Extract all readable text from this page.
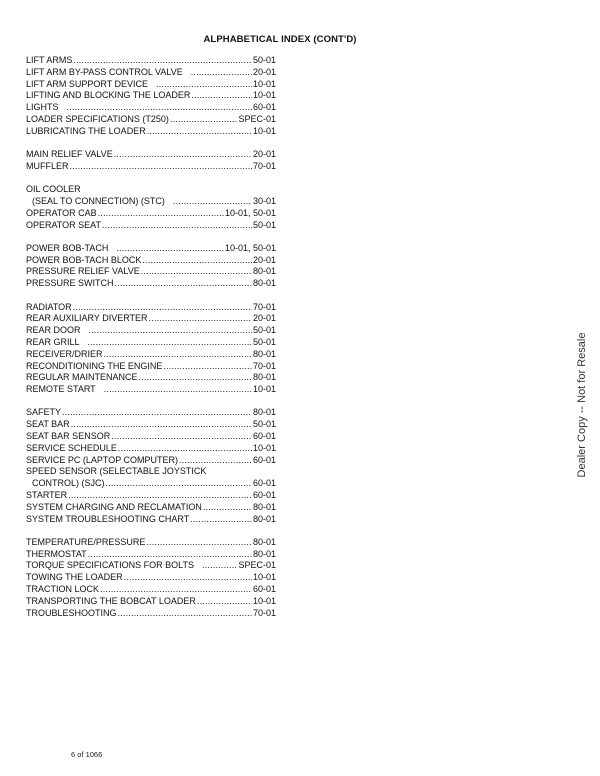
ALPHABETICAL INDEX (CONT'D)
LIFT ARMS .....	50-01
LIFT ARM BY-PASS CONTROL VALVE .....	20-01
LIFT ARM SUPPORT DEVICE .....	10-01
LIFTING AND BLOCKING THE LOADER .....	10-01
LIGHTS .....	60-01
LOADER SPECIFICATIONS (T250) .....	SPEC-01
LUBRICATING THE LOADER .....	10-01
MAIN RELIEF VALVE .....	20-01
MUFFLER .....	70-01
OIL COOLER
(SEAL TO CONNECTION) (STC) .....	30-01
OPERATOR CAB .....	10-01, 50-01
OPERATOR SEAT .....	50-01
POWER BOB-TACH .....	10-01, 50-01
POWER BOB-TACH BLOCK .....	20-01
PRESSURE RELIEF VALVE .....	80-01
PRESSURE SWITCH .....	80-01
RADIATOR .....	70-01
REAR AUXILIARY DIVERTER .....	20-01
REAR DOOR .....	50-01
REAR GRILL .....	50-01
RECEIVER/DRIER .....	80-01
RECONDITIONING THE ENGINE .....	70-01
REGULAR MAINTENANCE .....	80-01
REMOTE START .....	10-01
SAFETY .....	80-01
SEAT BAR .....	50-01
SEAT BAR SENSOR .....	60-01
SERVICE SCHEDULE .....	10-01
SERVICE PC (LAPTOP COMPUTER) .....	60-01
SPEED SENSOR (SELECTABLE JOYSTICK
CONTROL) (SJC) .....	60-01
STARTER .....	60-01
SYSTEM CHARGING AND RECLAMATION .....	80-01
SYSTEM TROUBLESHOOTING CHART .....	80-01
TEMPERATURE/PRESSURE .....	80-01
THERMOSTAT .....	80-01
TORQUE SPECIFICATIONS FOR BOLTS .....	SPEC-01
TOWING THE LOADER .....	10-01
TRACTION LOCK .....	60-01
TRANSPORTING THE BOBCAT LOADER .....	10-01
TROUBLESHOOTING .....	70-01
Dealer Copy -- Not for Resale
6 of 1066
